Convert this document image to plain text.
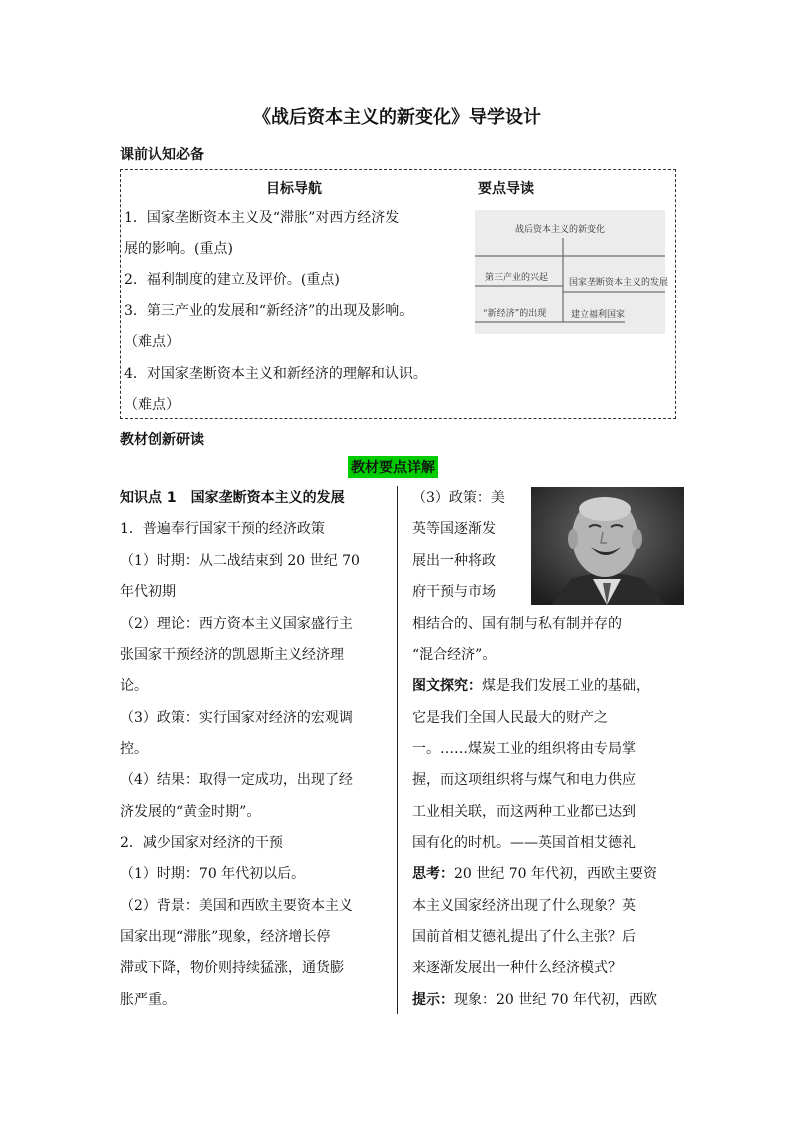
《战后资本主义的新变化》导学设计
课前认知必备
目标导航	要点导读
1．国家垄断资本主义及“滞胀”对西方经济发
展的影响。(重点)
2．福利制度的建立及评价。(重点)
3．第三产业的发展和“新经济”的出现及影响。
（难点）
4．对国家垄断资本主义和新经济的理解和认识。
（难点）
战后资本主义的新变化
第三产业的兴起
“新经济”的出现
国家垄断资本主义的发展
建立福利国家
教材创新研读
教材要点详解
知识点 1　国家垄断资本主义的发展
1．普遍奉行国家干预的经济政策
（1）时期：从二战结束到 20 世纪 70
年代初期
（2）理论：西方资本主义国家盛行主
张国家干预经济的凯恩斯主义经济理
论。
（3）政策：实行国家对经济的宏观调
控。
（4）结果：取得一定成功，出现了经
济发展的“黄金时期”。
2．减少国家对经济的干预
（1）时期：70 年代初以后。
（2）背景：美国和西欧主要资本主义
国家出现“滞胀”现象，经济增长停
滞或下降，物价则持续猛涨，通货膨
胀严重。
（3）政策：美
英等国逐渐发
展出一种将政
府干预与市场
相结合的、国有制与私有制并存的
“混合经济”。
图文探究：煤是我们发展工业的基础，
它是我们全国人民最大的财产之
一。……煤炭工业的组织将由专局掌
握，而这项组织将与煤气和电力供应
工业相关联，而这两种工业都已达到
国有化的时机。——英国首相艾德礼
思考：20 世纪 70 年代初，西欧主要资
本主义国家经济出现了什么现象？英
国前首相艾德礼提出了什么主张？后
来逐渐发展出一种什么经济模式？
提示：现象：20 世纪 70 年代初，西欧
